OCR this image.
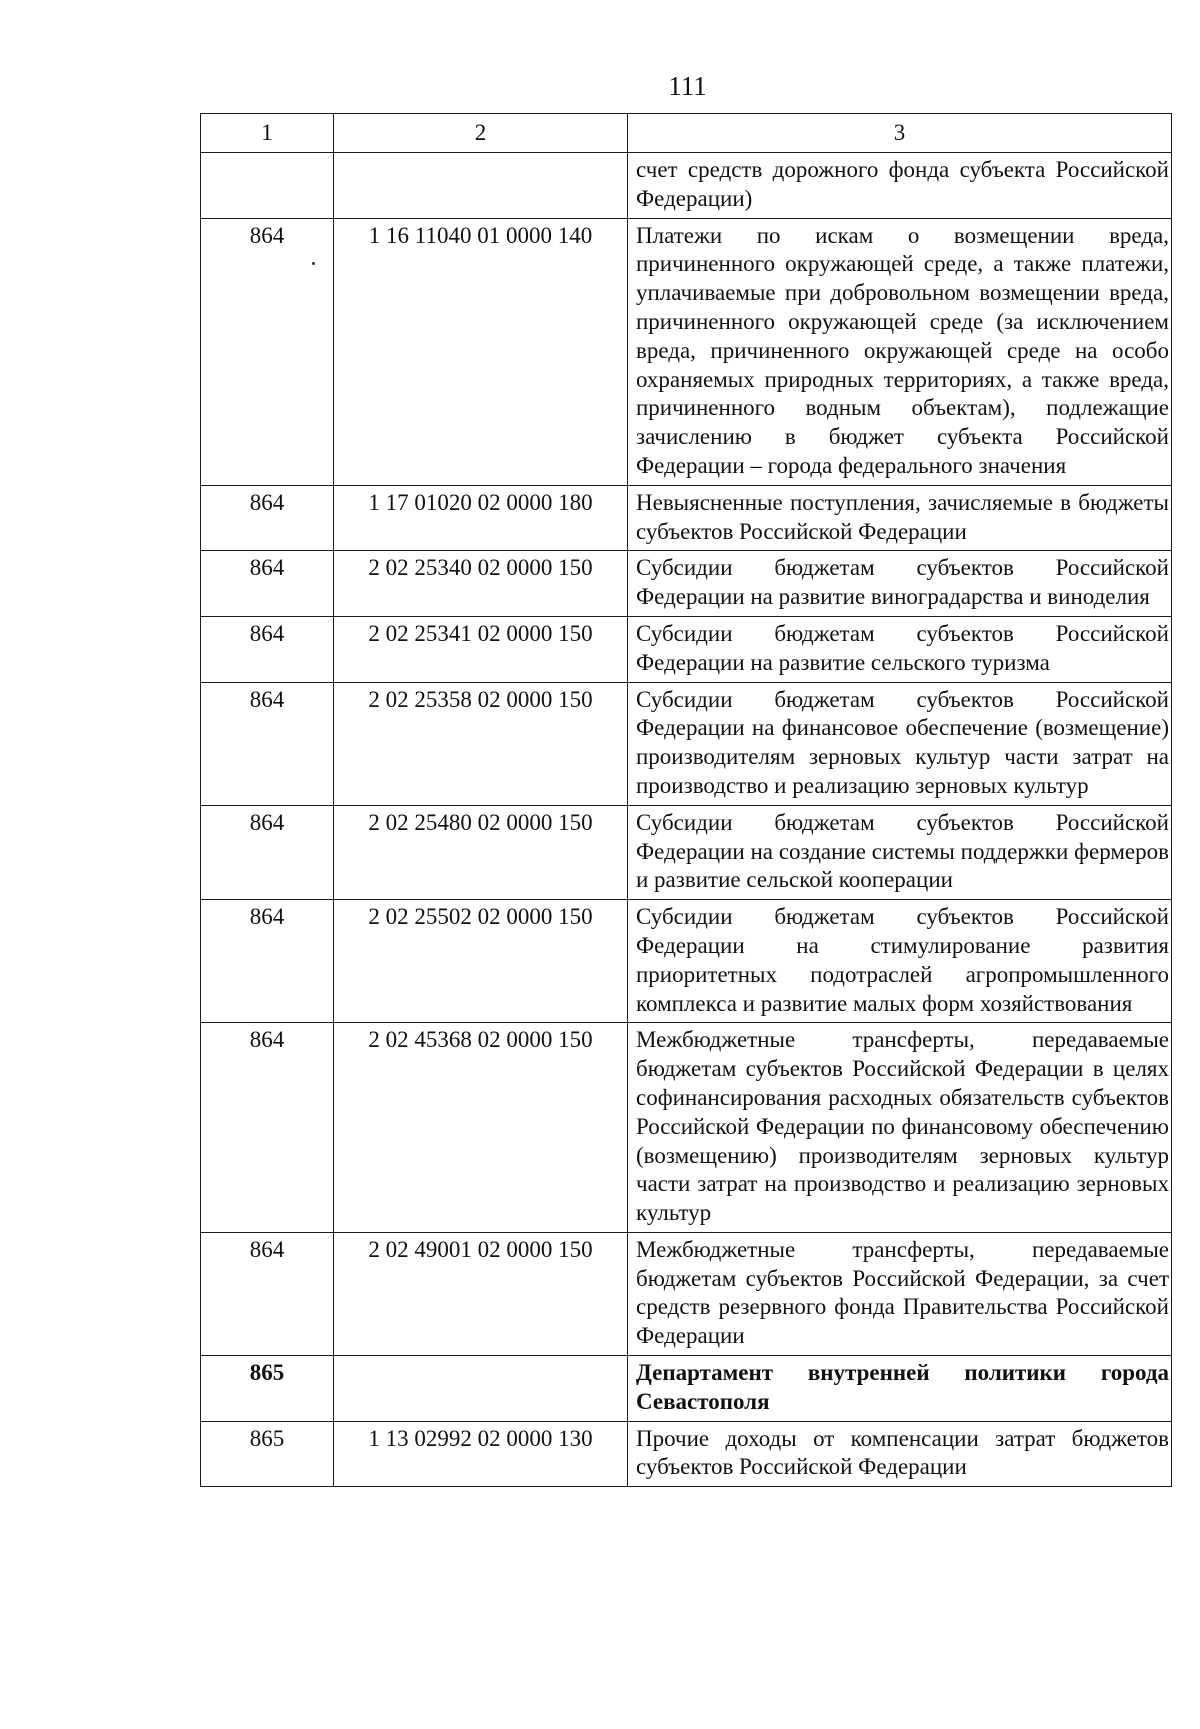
111
1	2	3
		счет средств дорожного фонда субъекта Российской Федерации)
864	1 16 11040 01 0000 140	Платежи по искам о возмещении вреда, причиненного окружающей среде, а также платежи, уплачиваемые при добровольном возмещении вреда, причиненного окружающей среде (за исключением вреда, причиненного окружающей среде на особо охраняемых природных территориях, а также вреда, причиненного водным объектам), подлежащие зачислению в бюджет субъекта Российской Федерации – города федерального значения
864	1 17 01020 02 0000 180	Невыясненные поступления, зачисляемые в бюджеты субъектов Российской Федерации
864	2 02 25340 02 0000 150	Субсидии бюджетам субъектов Российской Федерации на развитие виноградарства и виноделия
864	2 02 25341 02 0000 150	Субсидии бюджетам субъектов Российской Федерации на развитие сельского туризма
864	2 02 25358 02 0000 150	Субсидии бюджетам субъектов Российской Федерации на финансовое обеспечение (возмещение) производителям зерновых культур части затрат на производство и реализацию зерновых культур
864	2 02 25480 02 0000 150	Субсидии бюджетам субъектов Российской Федерации на создание системы поддержки фермеров и развитие сельской кооперации
864	2 02 25502 02 0000 150	Субсидии бюджетам субъектов Российской Федерации на стимулирование развития приоритетных подотраслей агропромышленного комплекса и развитие малых форм хозяйствования
864	2 02 45368 02 0000 150	Межбюджетные трансферты, передаваемые бюджетам субъектов Российской Федерации в целях софинансирования расходных обязательств субъектов Российской Федерации по финансовому обеспечению (возмещению) производителям зерновых культур части затрат на производство и реализацию зерновых культур
864	2 02 49001 02 0000 150	Межбюджетные трансферты, передаваемые бюджетам субъектов Российской Федерации, за счет средств резервного фонда Правительства Российской Федерации
865		Департамент внутренней политики города Севастополя
865	1 13 02992 02 0000 130	Прочие доходы от компенсации затрат бюджетов субъектов Российской Федерации
